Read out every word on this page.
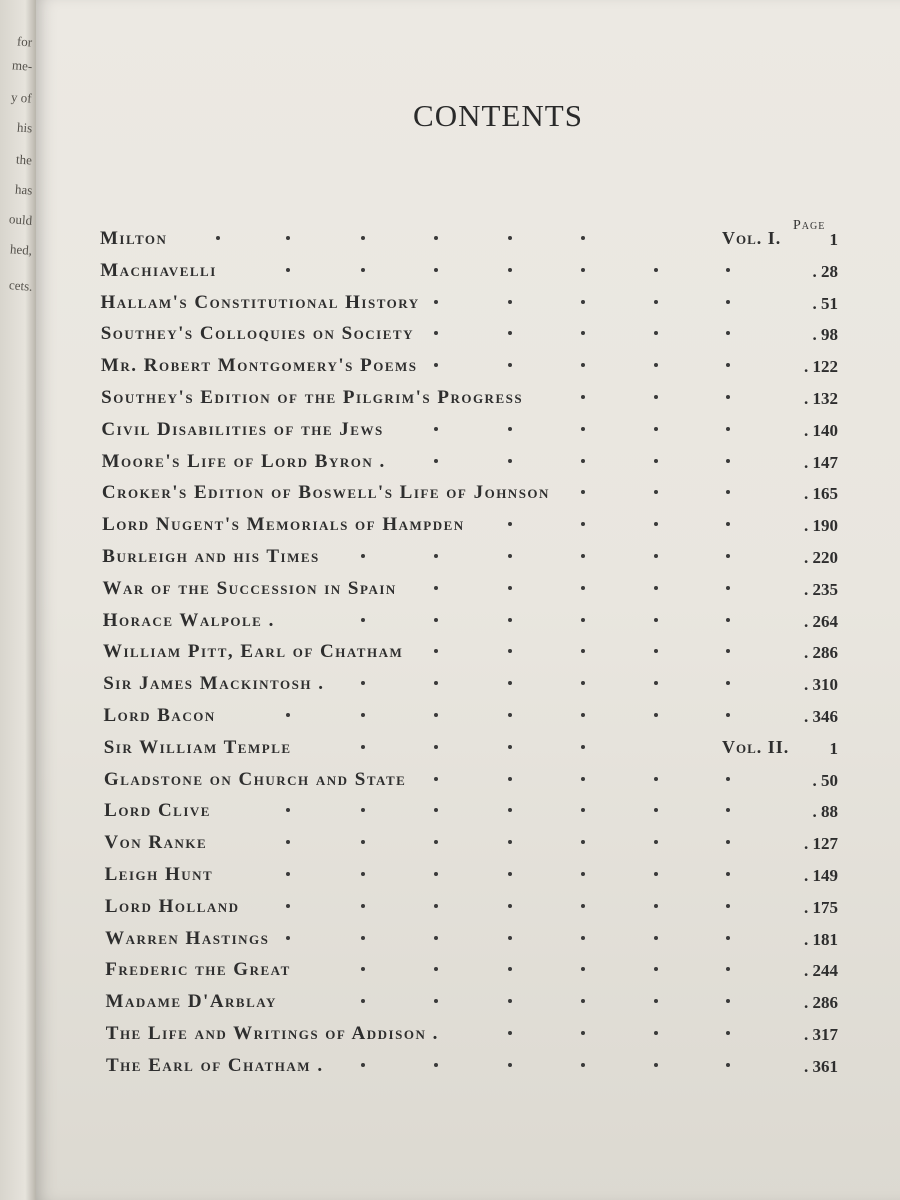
for
me-
y of
his
the
has
ould
hed,
cets.
CONTENTS
Page
Milton	Vol. I.	1
Machiavelli	. 28
Hallam's Constitutional History	. 51
Southey's Colloquies on Society	. 98
Mr. Robert Montgomery's Poems	. 122
Southey's Edition of the Pilgrim's Progress	. 132
Civil Disabilities of the Jews	. 140
Moore's Life of Lord Byron .	. 147
Croker's Edition of Boswell's Life of Johnson	. 165
Lord Nugent's Memorials of Hampden	. 190
Burleigh and his Times	. 220
War of the Succession in Spain	. 235
Horace Walpole .	. 264
William Pitt, Earl of Chatham	. 286
Sir James Mackintosh .	. 310
Lord Bacon	. 346
Sir William Temple	Vol. II.	1
Gladstone on Church and State	. 50
Lord Clive	. 88
Von Ranke	. 127
Leigh Hunt	. 149
Lord Holland	. 175
Warren Hastings	. 181
Frederic the Great	. 244
Madame D'Arblay	. 286
The Life and Writings of Addison .	. 317
The Earl of Chatham .	. 361
